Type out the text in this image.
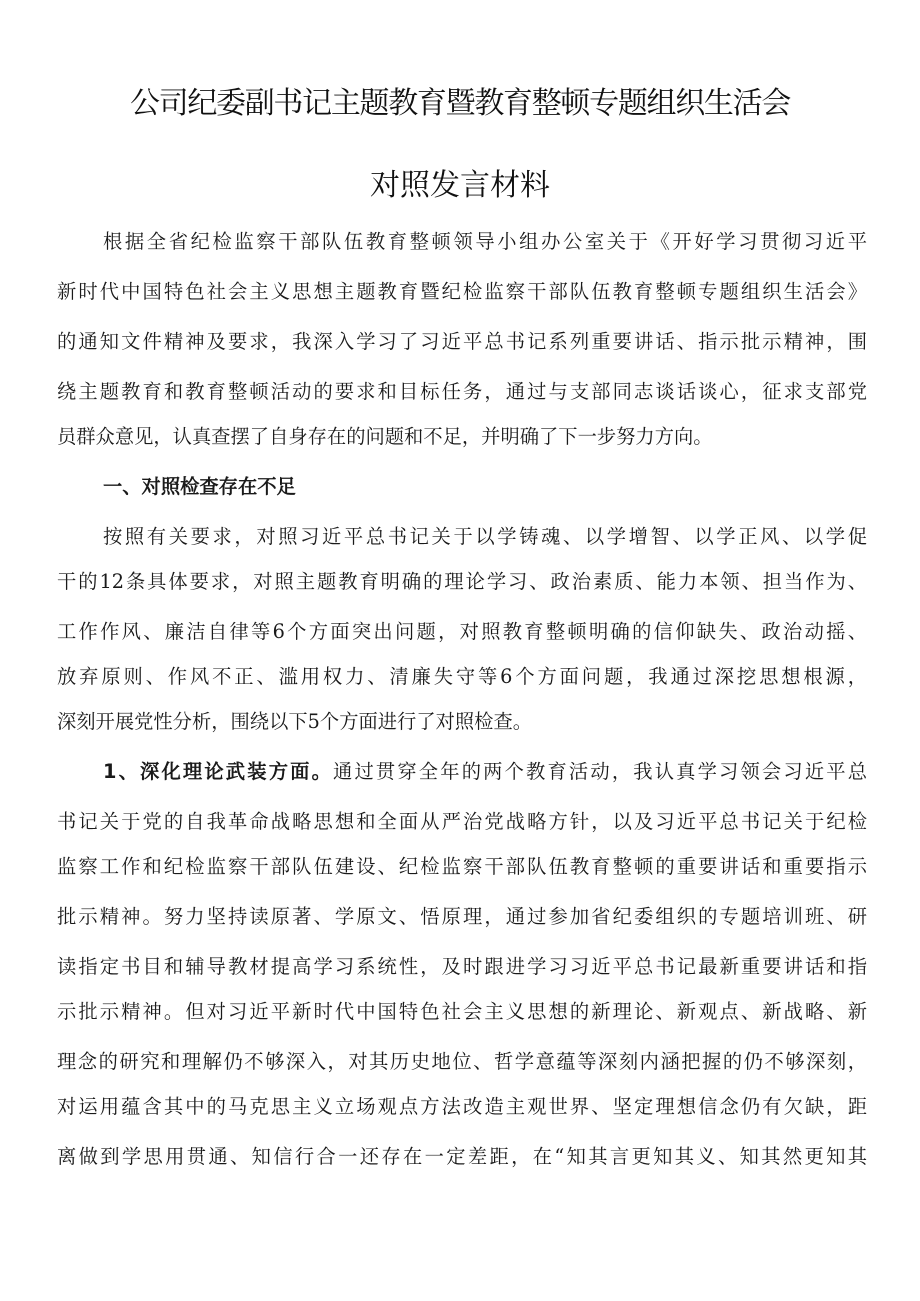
公司纪委副书记主题教育暨教育整顿专题组织生活会
对照发言材料
根据全省纪检监察干部队伍教育整顿领导小组办公室关于《开好学习贯彻习近平
新时代中国特色社会主义思想主题教育暨纪检监察干部队伍教育整顿专题组织生活会》
的通知文件精神及要求，我深入学习了习近平总书记系列重要讲话、指示批示精神，围
绕主题教育和教育整顿活动的要求和目标任务，通过与支部同志谈话谈心，征求支部党
员群众意见，认真查摆了自身存在的问题和不足，并明确了下一步努力方向。
一、对照检查存在不足
按照有关要求，对照习近平总书记关于以学铸魂、以学增智、以学正风、以学促
干的12条具体要求，对照主题教育明确的理论学习、政治素质、能力本领、担当作为、
工作作风、廉洁自律等6个方面突出问题，对照教育整顿明确的信仰缺失、政治动摇、
放弃原则、作风不正、滥用权力、清廉失守等6个方面问题，我通过深挖思想根源，
深刻开展党性分析，围绕以下5个方面进行了对照检查。
1、深化理论武装方面。通过贯穿全年的两个教育活动，我认真学习领会习近平总
书记关于党的自我革命战略思想和全面从严治党战略方针，以及习近平总书记关于纪检
监察工作和纪检监察干部队伍建设、纪检监察干部队伍教育整顿的重要讲话和重要指示
批示精神。努力坚持读原著、学原文、悟原理，通过参加省纪委组织的专题培训班、研
读指定书目和辅导教材提高学习系统性，及时跟进学习习近平总书记最新重要讲话和指
示批示精神。但对习近平新时代中国特色社会主义思想的新理论、新观点、新战略、新
理念的研究和理解仍不够深入，对其历史地位、哲学意蕴等深刻内涵把握的仍不够深刻，
对运用蕴含其中的马克思主义立场观点方法改造主观世界、坚定理想信念仍有欠缺，距
离做到学思用贯通、知信行合一还存在一定差距，在“知其言更知其义、知其然更知其
